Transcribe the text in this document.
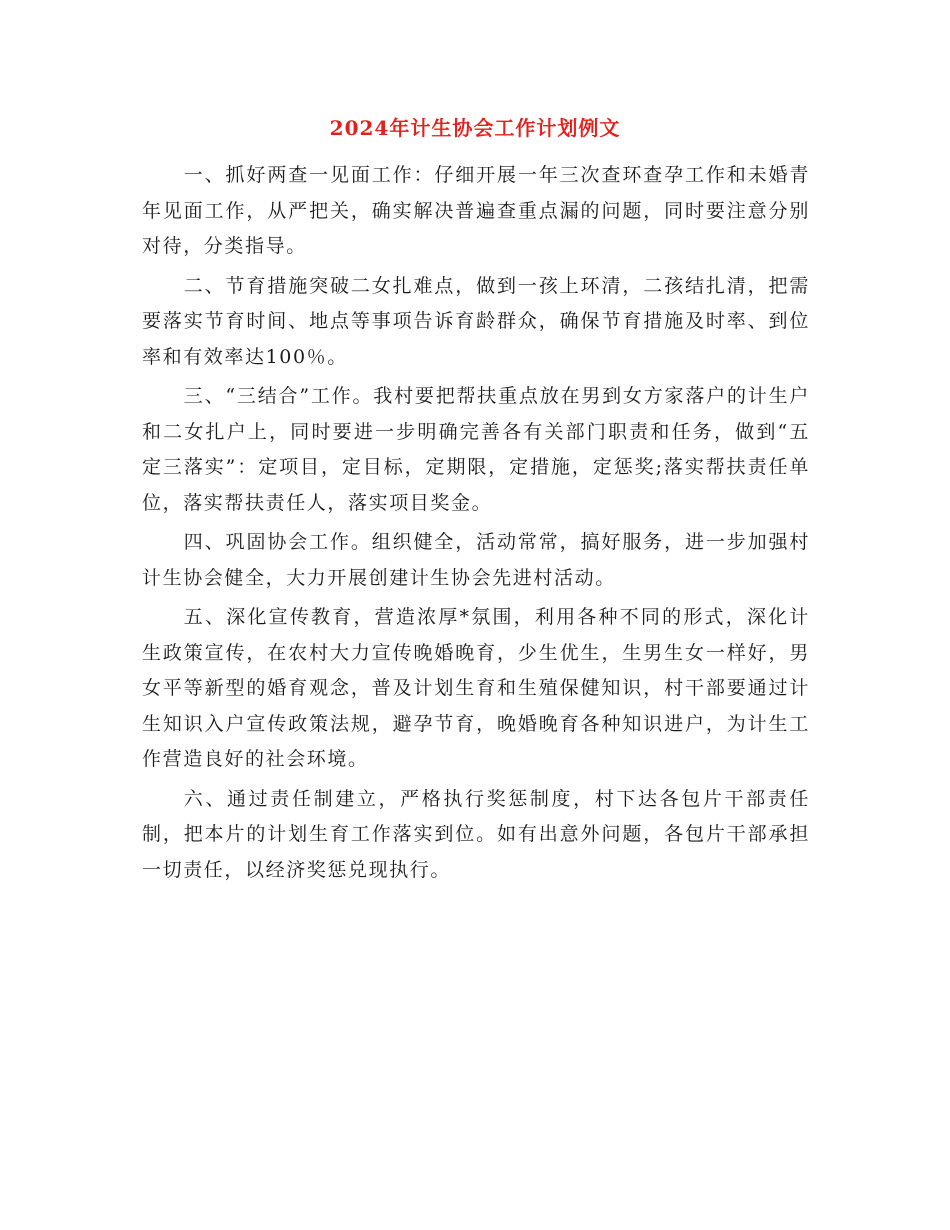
2024年计生协会工作计划例文

一、抓好两查一见面工作：仔细开展一年三次查环查孕工作和未婚青年见面工作，从严把关，确实解决普遍查重点漏的问题，同时要注意分别对待，分类指导。

二、节育措施突破二女扎难点，做到一孩上环清，二孩结扎清，把需要落实节育时间、地点等事项告诉育龄群众，确保节育措施及时率、到位率和有效率达100％。

三、“三结合”工作。我村要把帮扶重点放在男到女方家落户的计生户和二女扎户上，同时要进一步明确完善各有关部门职责和任务，做到“五定三落实”：定项目，定目标，定期限，定措施，定惩奖;落实帮扶责任单位，落实帮扶责任人，落实项目奖金。

四、巩固协会工作。组织健全，活动常常，搞好服务，进一步加强村计生协会健全，大力开展创建计生协会先进村活动。

五、深化宣传教育，营造浓厚*氛围，利用各种不同的形式，深化计生政策宣传，在农村大力宣传晚婚晚育，少生优生，生男生女一样好，男女平等新型的婚育观念，普及计划生育和生殖保健知识，村干部要通过计生知识入户宣传政策法规，避孕节育，晚婚晚育各种知识进户，为计生工作营造良好的社会环境。

六、通过责任制建立，严格执行奖惩制度，村下达各包片干部责任制，把本片的计划生育工作落实到位。如有出意外问题，各包片干部承担一切责任，以经济奖惩兑现执行。
